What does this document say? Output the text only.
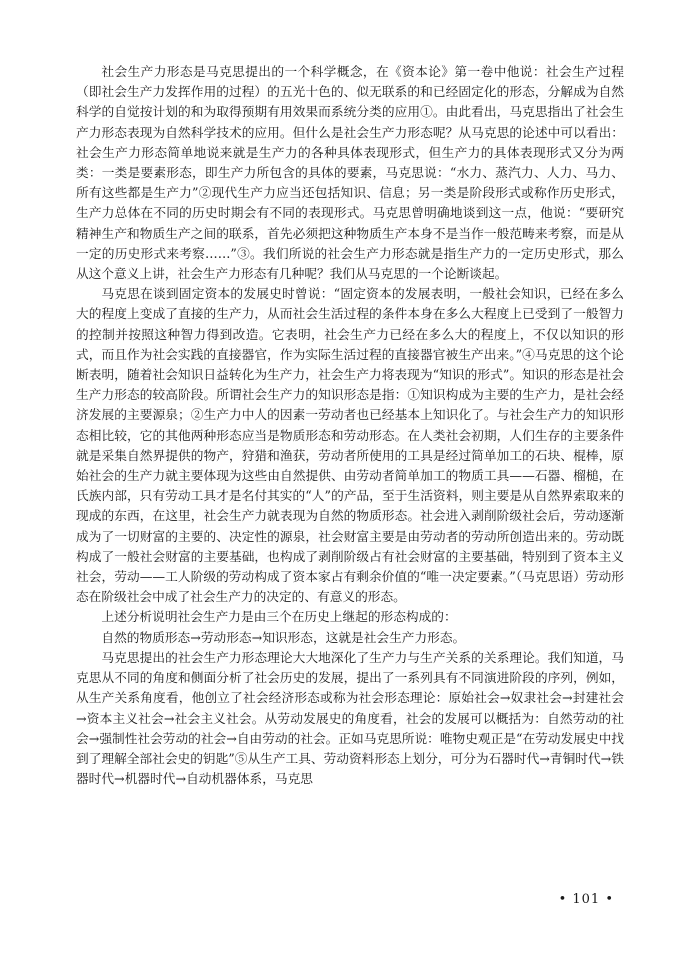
社会生产力形态是马克思提出的一个科学概念，在《资本论》第一卷中他说：社会生产过程（即社会生产力发挥作用的过程）的五光十色的、似无联系的和已经固定化的形态，分解成为自然科学的自觉按计划的和为取得预期有用效果而系统分类的应用①。由此看出，马克思指出了社会生产力形态表现为自然科学技术的应用。但什么是社会生产力形态呢？从马克思的论述中可以看出：社会生产力形态简单地说来就是生产力的各种具体表现形式，但生产力的具体表现形式又分为两类：一类是要素形态，即生产力所包含的具体的要素，马克思说：“水力、蒸汽力、人力、马力、所有这些都是生产力”②现代生产力应当还包括知识、信息；另一类是阶段形式或称作历史形式，生产力总体在不同的历史时期会有不同的表现形式。马克思曾明确地谈到这一点，他说：“要研究精神生产和物质生产之间的联系，首先必须把这种物质生产本身不是当作一般范畴来考察，而是从一定的历史形式来考察……”③。我们所说的社会生产力形态就是指生产力的一定历史形式，那么从这个意义上讲，社会生产力形态有几种呢？我们从马克思的一个论断谈起。

马克思在谈到固定资本的发展史时曾说：“固定资本的发展表明，一般社会知识，已经在多么大的程度上变成了直接的生产力，从而社会生活过程的条件本身在多么大程度上已受到了一般智力的控制并按照这种智力得到改造。它表明，社会生产力已经在多么大的程度上，不仅以知识的形式，而且作为社会实践的直接器官，作为实际生活过程的直接器官被生产出来。”④马克思的这个论断表明，随着社会知识日益转化为生产力，社会生产力将表现为“知识的形式”。知识的形态是社会生产力形态的较高阶段。所谓社会生产力的知识形态是指：①知识构成为主要的生产力，是社会经济发展的主要源泉；②生产力中人的因素一劳动者也已经基本上知识化了。与社会生产力的知识形态相比较，它的其他两种形态应当是物质形态和劳动形态。在人类社会初期，人们生存的主要条件就是采集自然界提供的物产，狩猎和渔获，劳动者所使用的工具是经过简单加工的石块、棍棒，原始社会的生产力就主要体现为这些由自然提供、由劳动者简单加工的物质工具——石器、榴槌，在氏族内部，只有劳动工具才是名付其实的“人”的产品，至于生活资料，则主要是从自然界索取来的现成的东西，在这里，社会生产力就表现为自然的物质形态。社会进入剥削阶级社会后，劳动逐渐成为了一切财富的主要的、决定性的源泉，社会财富主要是由劳动者的劳动所创造出来的。劳动既构成了一般社会财富的主要基础，也构成了剥削阶级占有社会财富的主要基础，特别到了资本主义社会，劳动——工人阶级的劳动构成了资本家占有剩余价值的“唯一决定要素。”（马克思语）劳动形态在阶级社会中成了社会生产力的决定的、有意义的形态。

上述分析说明社会生产力是由三个在历史上继起的形态构成的：

自然的物质形态→劳动形态→知识形态，这就是社会生产力形态。

马克思提出的社会生产力形态理论大大地深化了生产力与生产关系的关系理论。我们知道，马克思从不同的角度和侧面分析了社会历史的发展，提出了一系列具有不同演进阶段的序列，例如，从生产关系角度看，他创立了社会经济形态或称为社会形态理论：原始社会→奴隶社会→封建社会→资本主义社会→社会主义社会。从劳动发展史的角度看，社会的发展可以概括为：自然劳动的社会→强制性社会劳动的社会→自由劳动的社会。正如马克思所说：唯物史观正是“在劳动发展史中找到了理解全部社会史的钥匙”⑤从生产工具、劳动资料形态上划分，可分为石器时代→青铜时代→铁器时代→机器时代→自动机器体系，马克思

• 101 •
